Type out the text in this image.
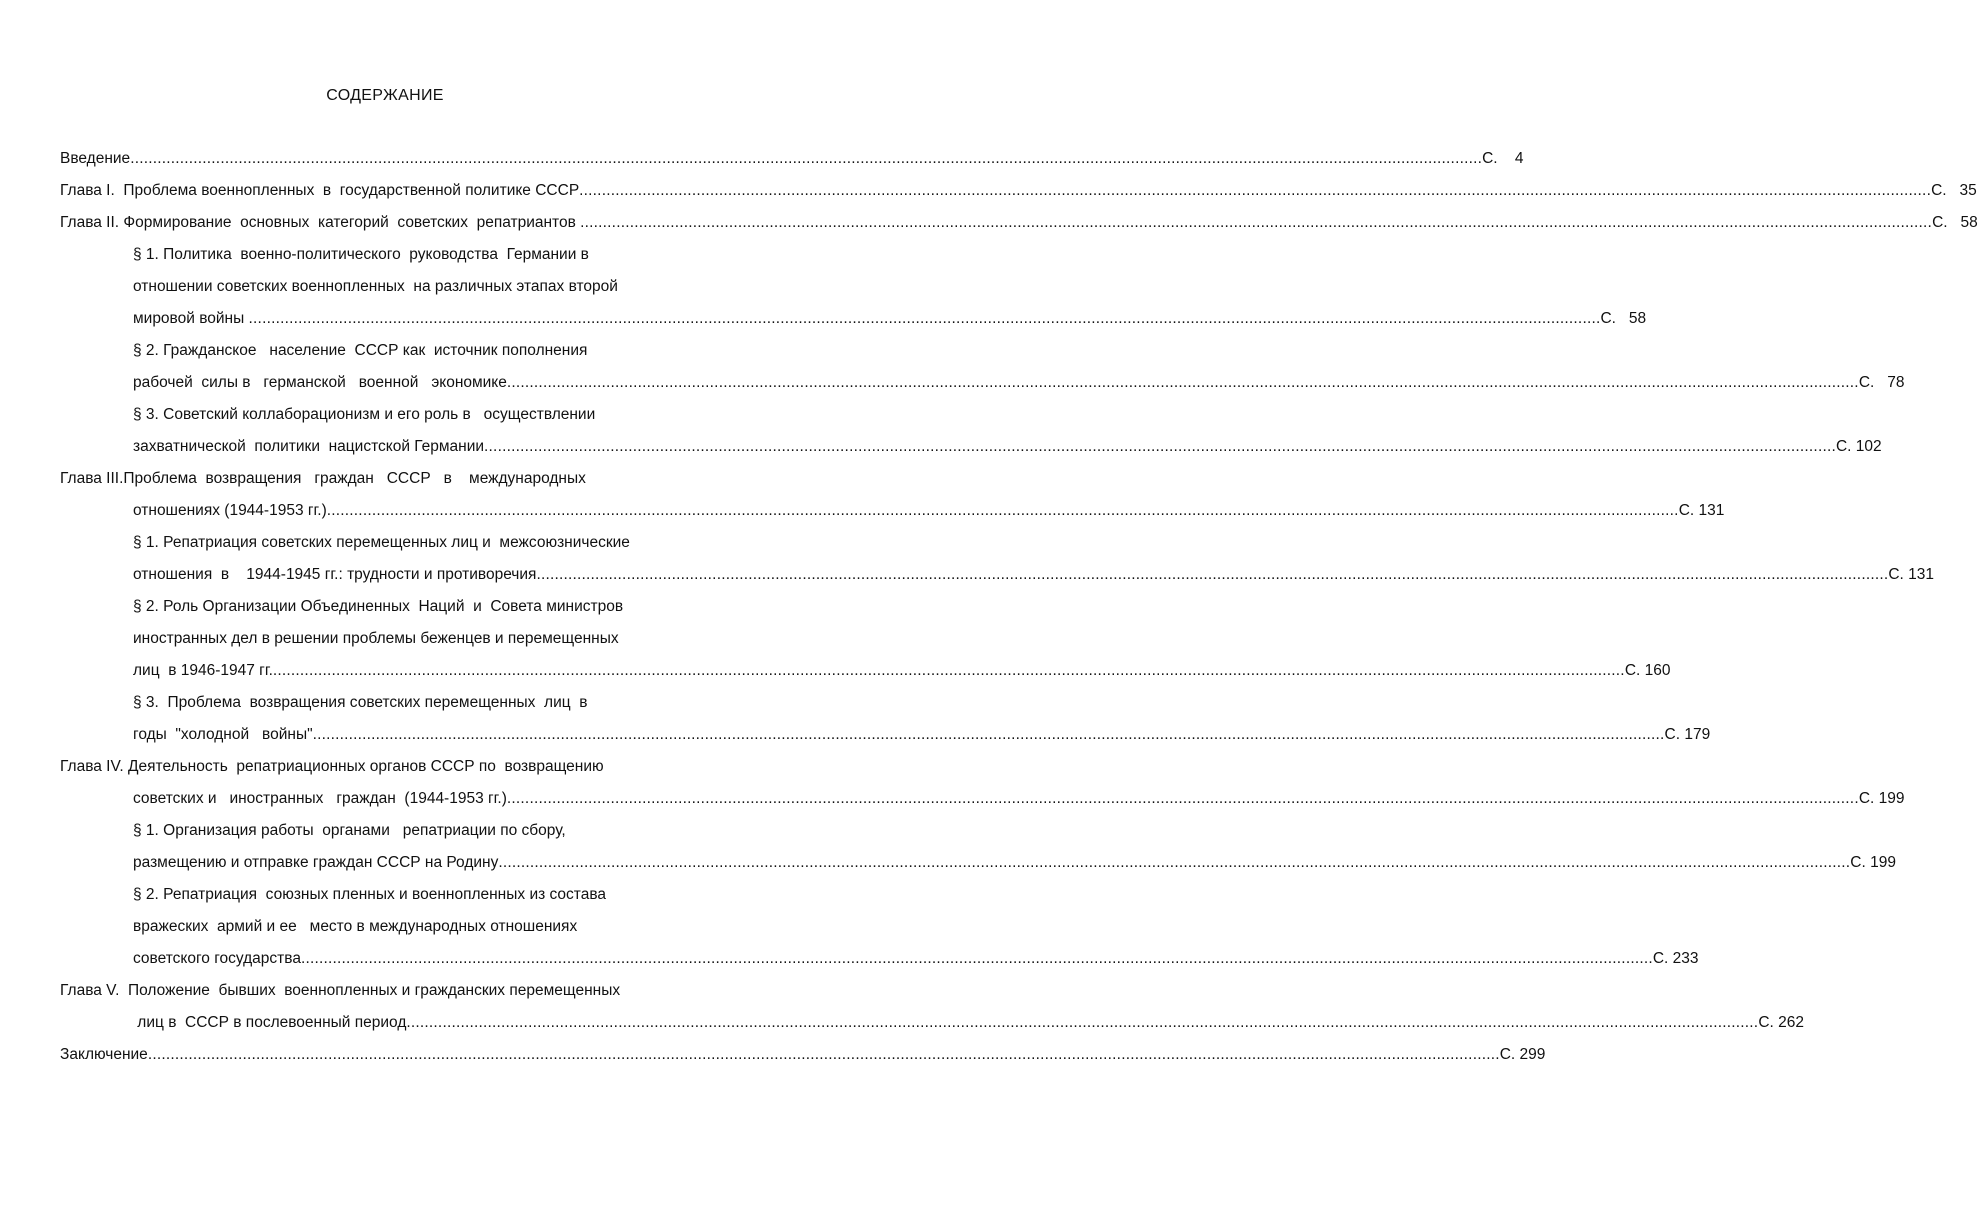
СОДЕРЖАНИЕ
Введение ............................................................................................................................................................................................................................................................................................................ С.    4
Глава I.  Проблема военнопленных  в  государственной политике СССР ............................................................................................................................................................................................................................................................................................................ С.   35
Глава II. Формирование  основных  категорий  советских  репатриантов ............................................................................................................................................................................................................................................................................................................ С.   58
§ 1. Политика  военно-политического  руководства  Германии в
отношении советских военнопленных  на различных этапах второй
мировой войны ............................................................................................................................................................................................................................................................................................................ С.   58
§ 2. Гражданское   население  СССР как  источник пополнения
рабочей  силы в   германской   военной   экономике ............................................................................................................................................................................................................................................................................................................ С.   78
§ 3. Советский коллаборационизм и его роль в   осуществлении
захватнической  политики  нацистской Германии ............................................................................................................................................................................................................................................................................................................ С. 102
Глава III.Проблема  возвращения   граждан   СССР   в    международных
отношениях (1944-1953 гг.) ............................................................................................................................................................................................................................................................................................................ С. 131
§ 1. Репатриация советских перемещенных лиц и  межсоюзнические
отношения  в    1944-1945 гг.: трудности и противоречия ............................................................................................................................................................................................................................................................................................................ С. 131
§ 2. Роль Организации Объединенных  Наций  и  Совета министров
иностранных дел в решении проблемы беженцев и перемещенных
лиц  в 1946-1947 гг. ............................................................................................................................................................................................................................................................................................................ С. 160
§ 3.  Проблема  возвращения советских перемещенных  лиц  в
годы  "холодной   войны" ............................................................................................................................................................................................................................................................................................................ С. 179
Глава IV. Деятельность  репатриационных органов СССР по  возвращению
советских и   иностранных   граждан  (1944-1953 гг.) ............................................................................................................................................................................................................................................................................................................ С. 199
§ 1. Организация работы  органами   репатриации по сбору,
размещению и отправке граждан СССР на Родину ............................................................................................................................................................................................................................................................................................................ С. 199
§ 2. Репатриация  союзных пленных и военнопленных из состава
вражеских  армий и ее   место в международных отношениях
советского государства ............................................................................................................................................................................................................................................................................................................ С. 233
Глава V.  Положение  бывших  военнопленных и гражданских перемещенных
лиц в  СССР в послевоенный период ............................................................................................................................................................................................................................................................................................................ С. 262
Заключение ............................................................................................................................................................................................................................................................................................................ С. 299
